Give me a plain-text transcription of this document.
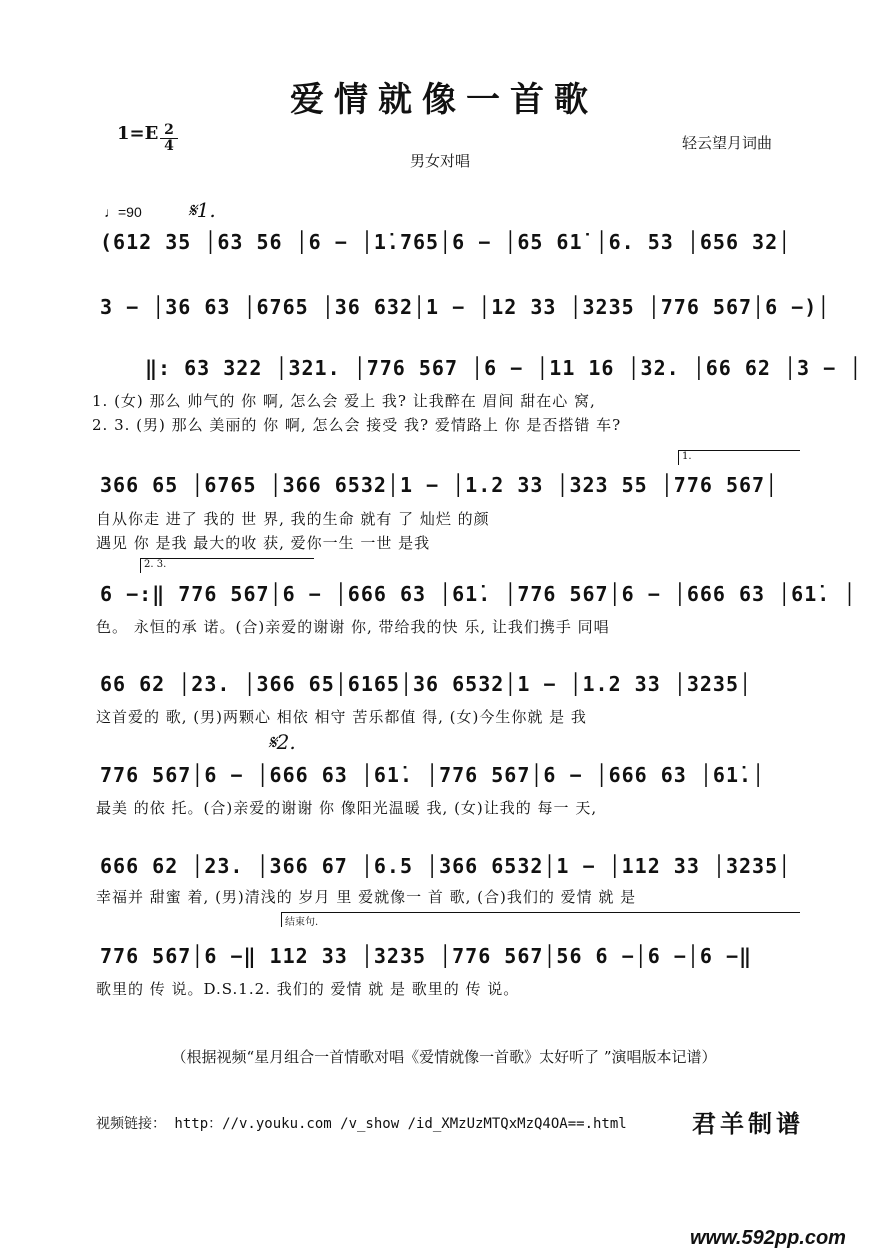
爱情就像一首歌
1=E 2
4	轻云望月词曲
男女对唱
♩=90 𝄋1.
𝄋2.
(612 35 │63 56 │6 − │1̇.765│6 − │65 61̇ │6. 53 │656 32│
3 − │36 63 │6765 │36 632│1 − │12 33 │3235 │776 567│6 −)│
‖: 63 322 │321. │776 567 │6 − │11 16 │32. │66 62 │3 − │
1. (女) 那么 帅气的 你 啊, 怎么会 爱上 我? 让我醉在 眉间 甜在心 窝,
2. 3. (男) 那么 美丽的 你 啊, 怎么会 接受 我? 爱情路上 你 是否搭错 车?
1.
366 65 │6765 │366 6532│1 − │1.2 33 │323 55 │776 567│
自从你走 进了 我的 世 界, 我的生命 就有 了 灿烂 的颜
遇见 你 是我 最大的收 获, 爱你一生 一世 是我
2. 3.
6 −:‖ 776 567│6 − │666 63 │61̇. │776 567│6 − │666 63 │61̇. │
色。 永恒的承 诺。(合)亲爱的谢谢 你, 带给我的快 乐, 让我们携手 同唱
66 62 │23. │366 65│6165│36 6532│1 − │1.2 33 │3235│
这首爱的 歌, (男)两颗心 相依 相守 苦乐都值 得, (女)今生你就 是 我
776 567│6 − │666 63 │61̇. │776 567│6 − │666 63 │61̇.│
最美 的依 托。(合)亲爱的谢谢 你 像阳光温暖 我, (女)让我的 每一 天,
666 62 │23. │366 67 │6.5 │366 6532│1 − │112 33 │3235│
幸福并 甜蜜 着, (男)清浅的 岁月 里 爱就像一 首 歌, (合)我们的 爱情 就 是
结束句.
776 567│6 −‖ 112 33 │3235 │776 567│56 6 −│6 −│6 −‖
歌里的 传 说。D.S.1.2. 我们的 爱情 就 是 歌里的 传 说。
（根据视频“星月组合一首情歌对唱《爱情就像一首歌》太好听了 ”演唱版本记谱）
视频链接： http：//v.youku.com /v_show /id_XMzUzMTQxMzQ4OA==.html	君羊制谱
www.592pp.com
